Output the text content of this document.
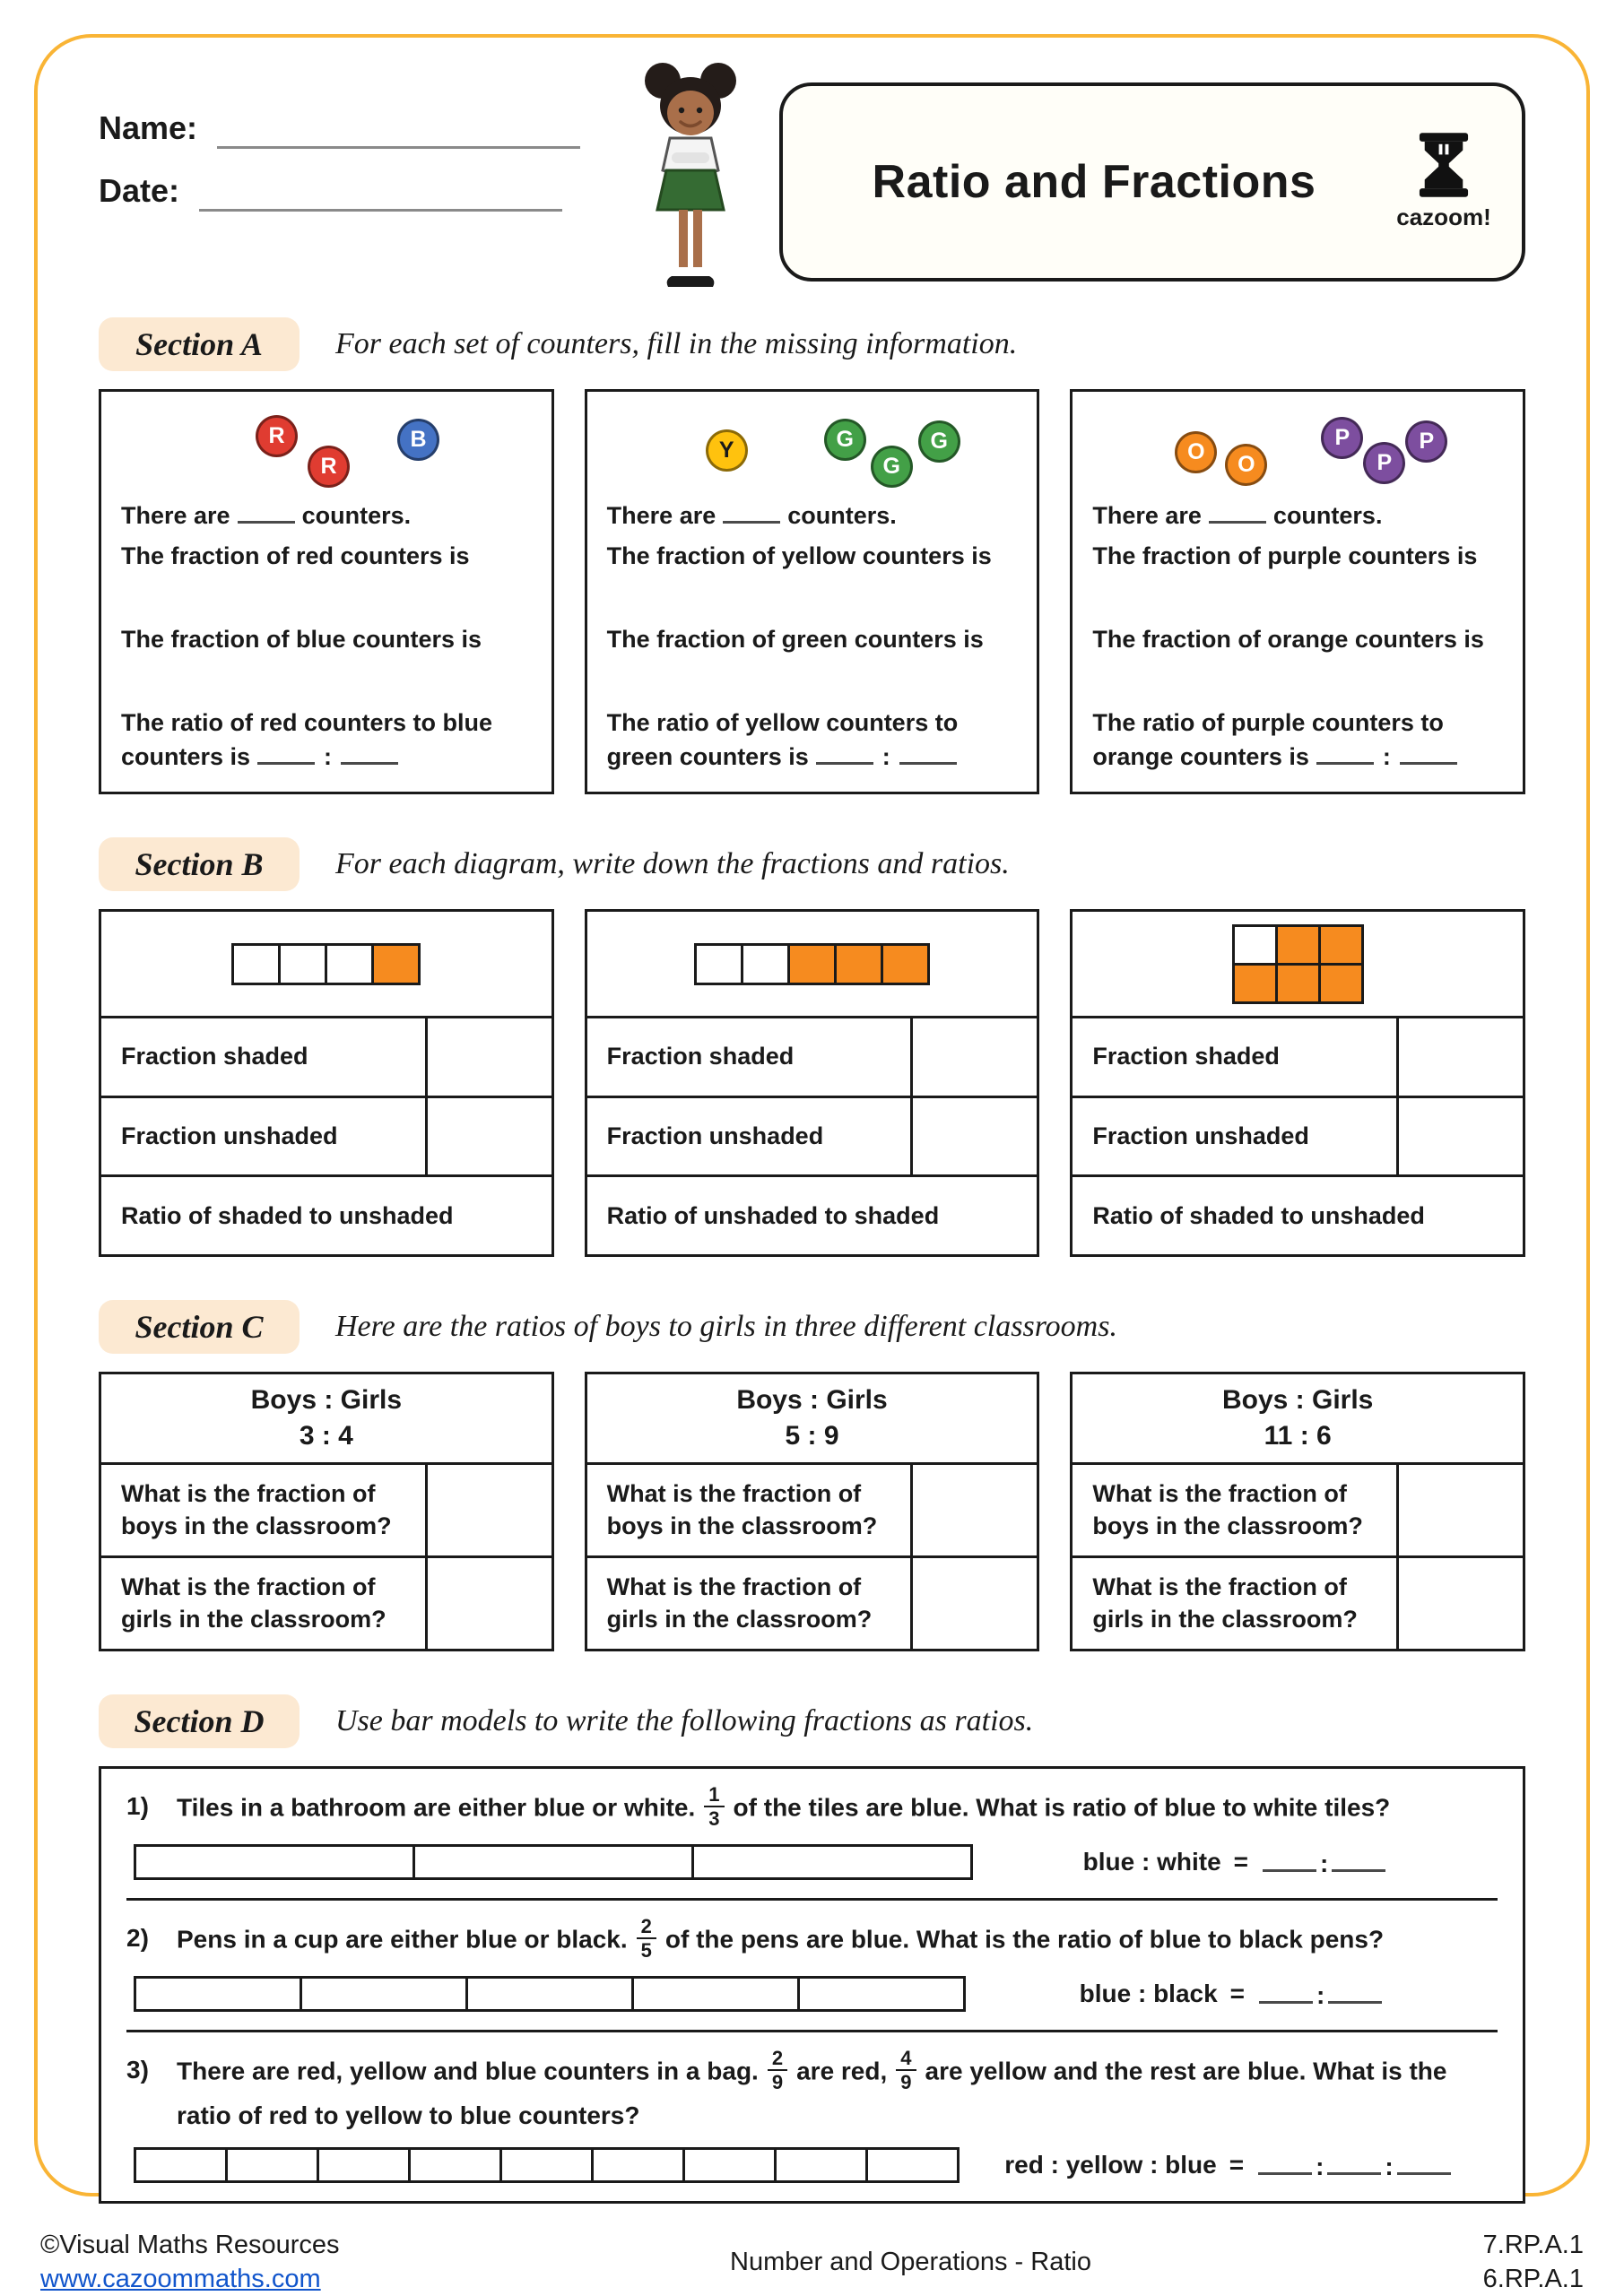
Name:
Date:	Ratio and Fractions
cazoom!
Section A	For each set of counters, fill in the missing information.
R
R
B
There are	counters.
The fraction of red counters is
The fraction of blue counters is
The ratio of red counters to blue counters is	:
Y	G
G
G
There are	counters.
The fraction of yellow counters is
The fraction of green counters is
The ratio of yellow counters to green counters is	:
O	O
P
P
P
There are	counters.
The fraction of purple counters is
The fraction of orange counters is
The ratio of purple counters to orange counters is	:
Section B	For each diagram, write down the fractions and ratios.
Fraction shaded
Fraction unshaded
Ratio of shaded to unshaded
Fraction shaded
Fraction unshaded
Ratio of unshaded to shaded
Fraction shaded
Fraction unshaded
Ratio of shaded to unshaded
Section C	Here are the ratios of boys to girls in three different classrooms.
Boys : Girls
3 : 4
What is the fraction of boys in the classroom?
What is the fraction of girls in the classroom?
Boys : Girls
5 : 9
What is the fraction of boys in the classroom?
What is the fraction of girls in the classroom?
Boys : Girls
11 : 6
What is the fraction of boys in the classroom?
What is the fraction of girls in the classroom?
Section D	Use bar models to write the following fractions as ratios.
1)	Tiles in a bathroom are either blue or white. $\frac{1}{3}$ of the tiles are blue. What is ratio of blue to white tiles?
blue : white =	:
2)	Pens in a cup are either blue or black. $\frac{2}{5}$ of the pens are blue. What is the ratio of blue to black pens?
blue : black =	:
3)	There are red, yellow and blue counters in a bag. $\frac{2}{9}$ are red, $\frac{4}{9}$ are yellow and the rest are blue. What is the ratio of red to yellow to blue counters?
red : yellow : blue =	: :
©Visual Maths Resources
www.cazoommaths.com
Number and Operations - Ratio
7.RP.A.1
6.RP.A.1
